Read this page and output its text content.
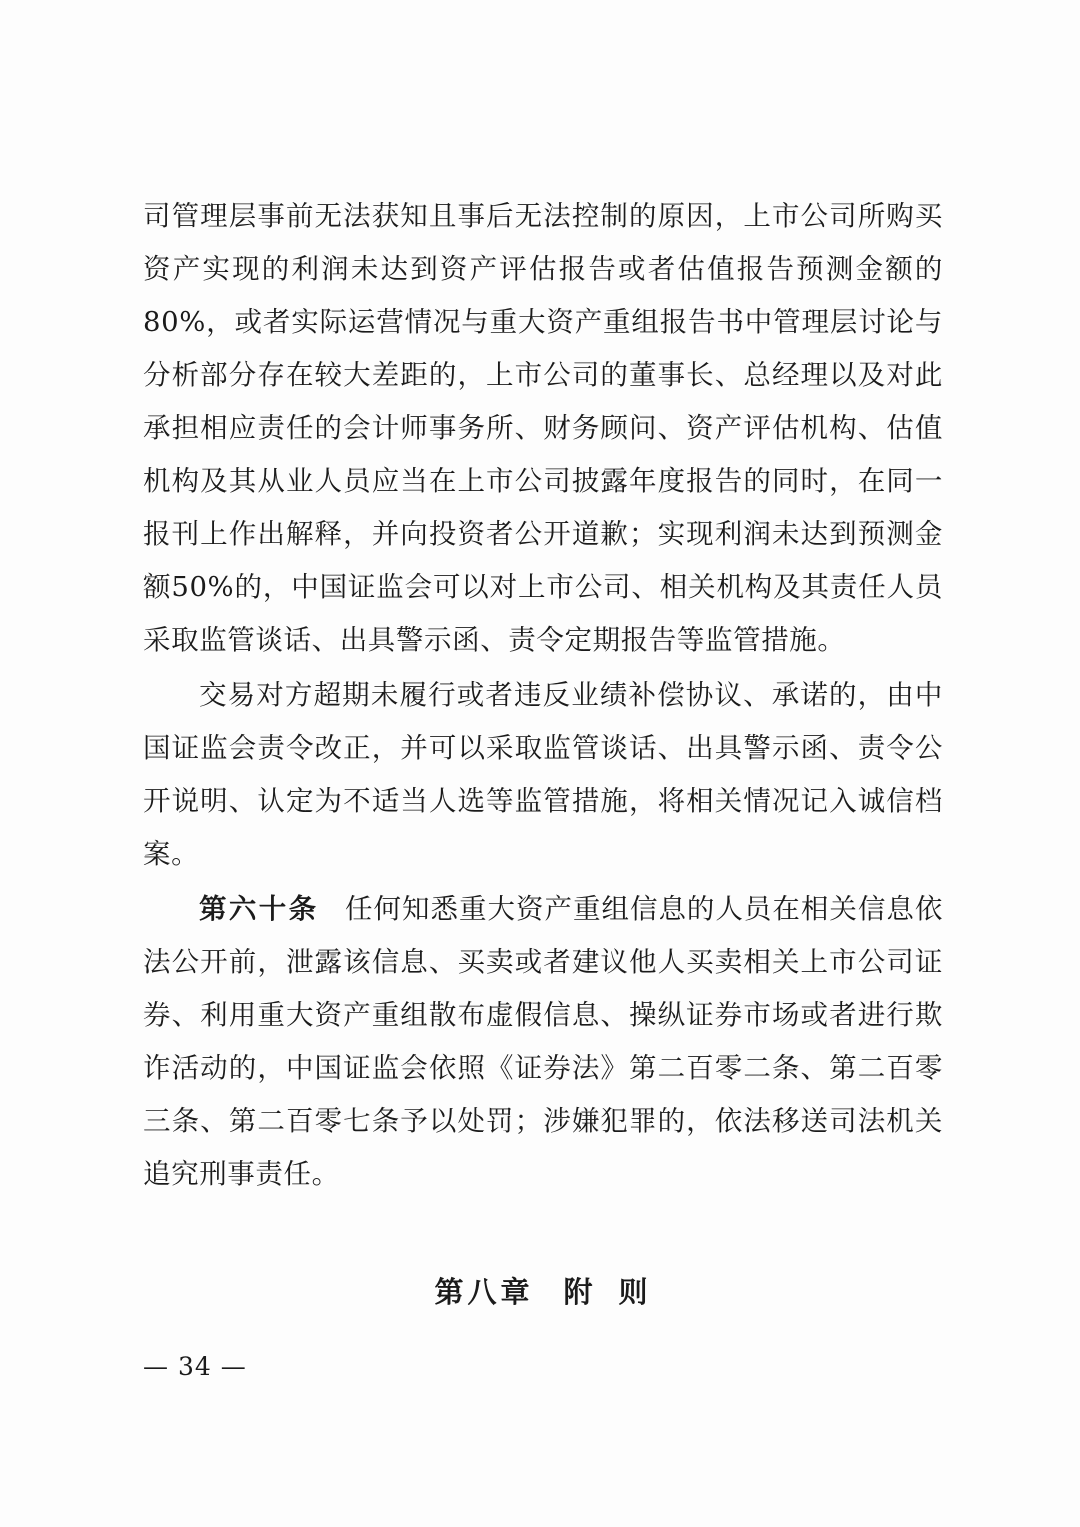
司管理层事前无法获知且事后无法控制的原因，上市公司所购买资产实现的利润未达到资产评估报告或者估值报告预测金额的80%，或者实际运营情况与重大资产重组报告书中管理层讨论与分析部分存在较大差距的，上市公司的董事长、总经理以及对此承担相应责任的会计师事务所、财务顾问、资产评估机构、估值机构及其从业人员应当在上市公司披露年度报告的同时，在同一报刊上作出解释，并向投资者公开道歉；实现利润未达到预测金额50%的，中国证监会可以对上市公司、相关机构及其责任人员采取监管谈话、出具警示函、责令定期报告等监管措施。

交易对方超期未履行或者违反业绩补偿协议、承诺的，由中国证监会责令改正，并可以采取监管谈话、出具警示函、责令公开说明、认定为不适当人选等监管措施，将相关情况记入诚信档案。

第六十条 任何知悉重大资产重组信息的人员在相关信息依法公开前，泄露该信息、买卖或者建议他人买卖相关上市公司证券、利用重大资产重组散布虚假信息、操纵证券市场或者进行欺诈活动的，中国证监会依照《证券法》第二百零二条、第二百零三条、第二百零七条予以处罚；涉嫌犯罪的，依法移送司法机关追究刑事责任。

第八章 附 则
— 34 —
